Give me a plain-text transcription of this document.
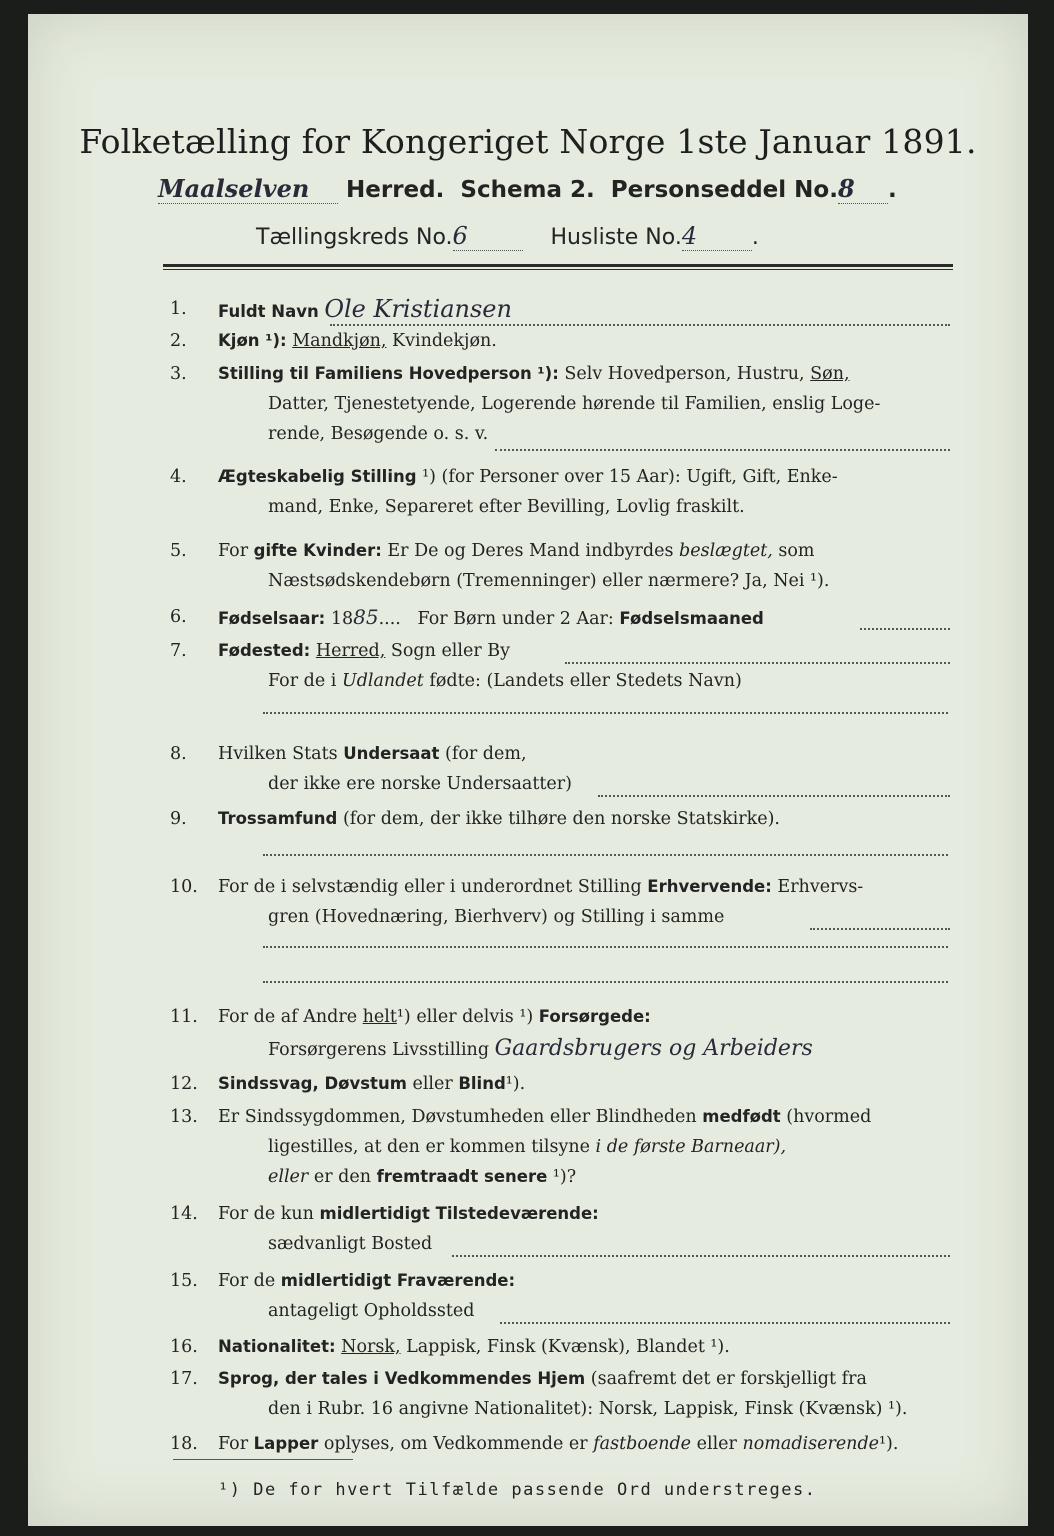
Folketælling for Kongeriget Norge 1ste Januar 1891.
Maalselven Herred. Schema 2. Personseddel No.8 .
Tællingskreds No.6	Husliste No.4 .
1.	Fuldt Navn Ole Kristiansen
2.	Kjøn ¹): Mandkjøn, Kvindekjøn.
3.	Stilling til Familiens Hovedperson ¹): Selv Hovedperson, Hustru, Søn,
Datter, Tjenestetyende, Logerende hørende til Familien, enslig Loge-
rende, Besøgende o. s. v.
4.	Ægteskabelig Stilling ¹) (for Personer over 15 Aar): Ugift, Gift, Enke-
mand, Enke, Separeret efter Bevilling, Lovlig fraskilt.
5.	For gifte Kvinder: Er De og Deres Mand indbyrdes beslægtet, som
Næstsødskendebørn (Tremenninger) eller nærmere? Ja, Nei ¹).
6.	Fødselsaar: 1885....   For Børn under 2 Aar: Fødselsmaaned
7.	Fødested: Herred, Sogn eller By
For de i Udlandet fødte: (Landets eller Stedets Navn)
8.	Hvilken Stats Undersaat (for dem,
der ikke ere norske Undersaatter)
9.	Trossamfund (for dem, der ikke tilhøre den norske Statskirke).
10.	For de i selvstændig eller i underordnet Stilling Erhvervende: Erhvervs-
gren (Hovednæring, Bierhverv) og Stilling i samme
11.	For de af Andre helt¹) eller delvis ¹) Forsørgede:
Forsørgerens Livsstilling Gaardsbrugers og Arbeiders
12.	Sindssvag, Døvstum eller Blind¹).
13.	Er Sindssygdommen, Døvstumheden eller Blindheden medfødt (hvormed
ligestilles, at den er kommen tilsyne i de første Barneaar),
eller er den fremtraadt senere ¹)?
14.	For de kun midlertidigt Tilstedeværende:
sædvanligt Bosted
15.	For de midlertidigt Fraværende:
antageligt Opholdssted
16.	Nationalitet: Norsk, Lappisk, Finsk (Kvænsk), Blandet ¹).
17.	Sprog, der tales i Vedkommendes Hjem (saafremt det er forskjelligt fra
den i Rubr. 16 angivne Nationalitet): Norsk, Lappisk, Finsk (Kvænsk) ¹).
18.	For Lapper oplyses, om Vedkommende er fastboende eller nomadiserende¹).
¹) De for hvert Tilfælde passende Ord understreges.
